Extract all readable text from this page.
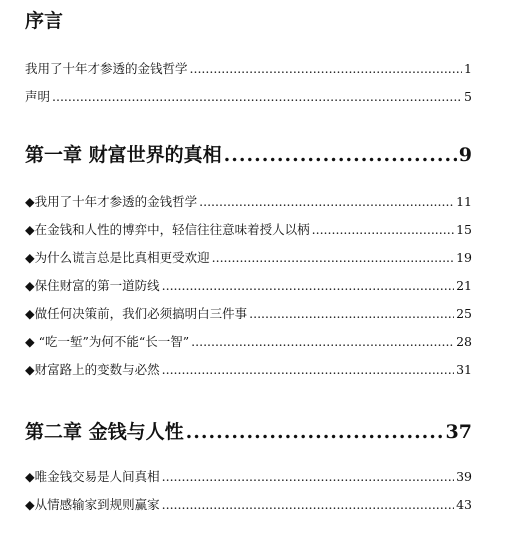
序言
我用了十年才参透的金钱哲学 .....	1
声明 .....	5
第一章 财富世界的真相 .....	9
◆我用了十年才参透的金钱哲学 .....	11
◆在金钱和人性的博弈中，轻信往往意味着授人以柄 .....	15
◆为什么谎言总是比真相更受欢迎 .....	19
◆保住财富的第一道防线 .....	21
◆做任何决策前，我们必须搞明白三件事 .....	25
◆ “吃一堑”为何不能“长一智” .....	28
◆财富路上的变数与必然 .....	31
第二章 金钱与人性 .....	37
◆唯金钱交易是人间真相 .....	39
◆从情感输家到规则赢家 .....	43
